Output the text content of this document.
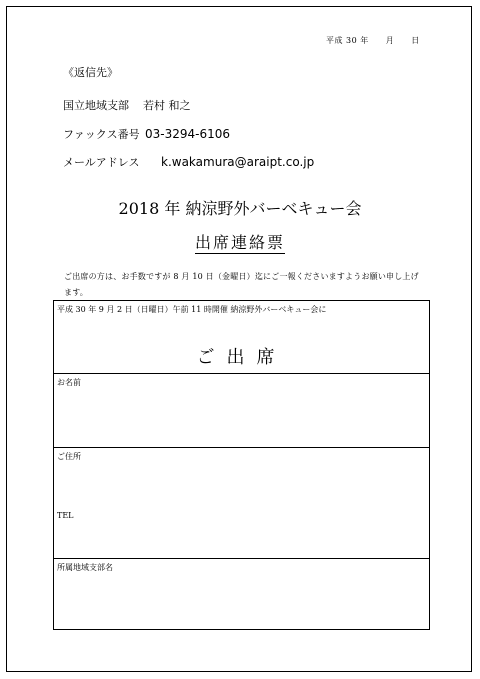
平成 30 年　　月　　日
《返信先》
国立地域支部 若村 和之
ファックス番号 03-3294-6106
メールアドレス k.wakamura@araipt.co.jp
2018 年 納涼野外バーベキュー会
出席連絡票
ご出席の方は、お手数ですが 8 月 10 日（金曜日）迄にご一報くださいますようお願い申し上げます。
平成 30 年 9 月 2 日（日曜日）午前 11 時開催 納涼野外バーベキュー会に
ご出席

お名前

ご住所
TEL

所属地域支部名
